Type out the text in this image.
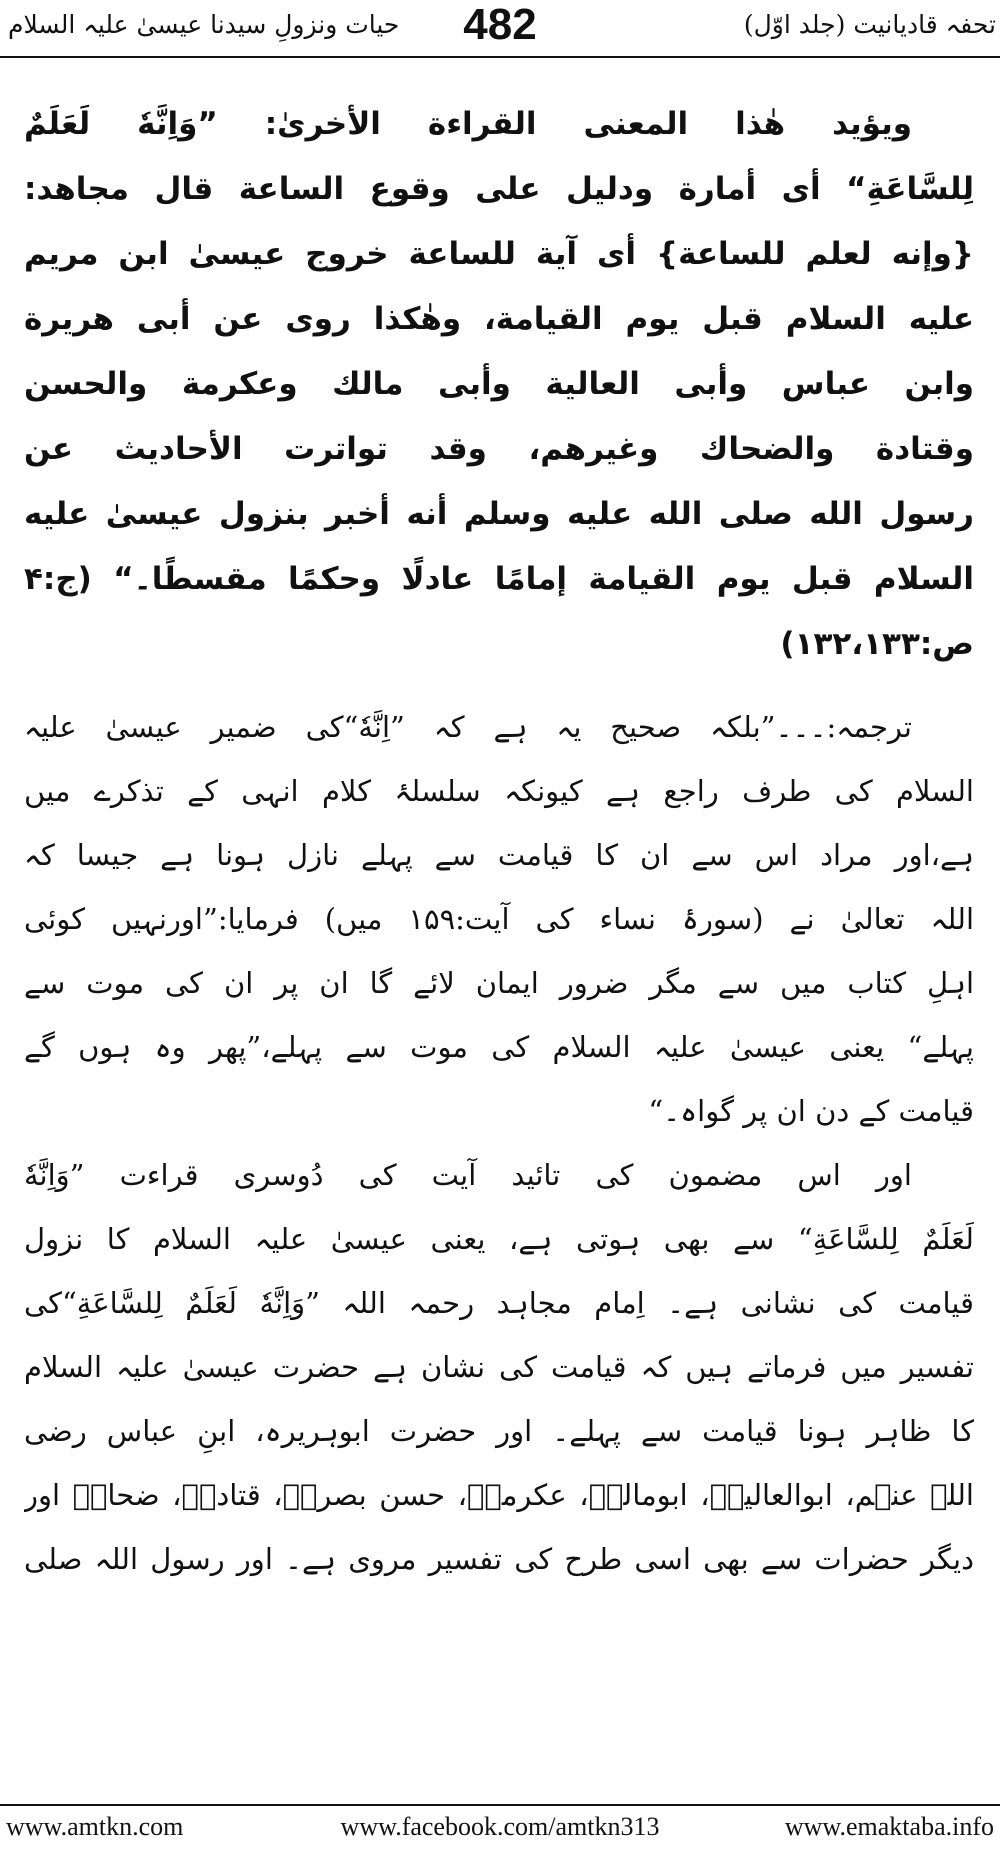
تحفہ قادیانیت (جلد اوّل)
482
حیات ونزولِ سیدنا عیسیٰ علیہ السلام

ويؤيد هٰذا المعنى القراءة الأخرىٰ: ”وَاِنَّهٗ لَعَلَمٌ

لِلسَّاعَةِ“ أى أمارة ودليل على وقوع الساعة قال مجاهد:

{وإنه لعلم للساعة} أى آية للساعة خروج عيسىٰ ابن مريم

عليه السلام قبل يوم القيامة، وهٰكذا روى عن أبى هريرة

وابن عباس وأبى العالية وأبى مالك وعكرمة والحسن

وقتادة والضحاك وغيرهم، وقد تواترت الأحاديث عن

رسول الله صلى الله عليه وسلم أنه أخبر بنزول عيسىٰ عليه

السلام قبل يوم القيامة إمامًا عادلًا وحكمًا مقسطًا۔“ (ج:۴

ص:۱۳۲،۱۳۳)

ترجمہ:۔۔۔”بلکہ صحیح یہ ہے کہ ”اِنَّهٗ“کی ضمیر عیسیٰ علیہ

السلام کی طرف راجع ہے کیونکہ سلسلۂ کلام انہی کے تذکرے میں

ہے،اور مراد اس سے ان کا قیامت سے پہلے نازل ہونا ہے جیسا کہ

اللہ تعالیٰ نے (سورۂ نساء کی آیت:۱۵۹ میں) فرمایا:”اورنہیں کوئی

اہلِ کتاب میں سے مگر ضرور ایمان لائے گا ان پر ان کی موت سے

پہلے“ یعنی عیسیٰ علیہ السلام کی موت سے پہلے،”پھر وہ ہوں گے

قیامت کے دن ان پر گواہ۔“

اور اس مضمون کی تائید آیت کی دُوسری قراءت ”وَاِنَّهٗ

لَعَلَمٌ لِلسَّاعَةِ“ سے بھی ہوتی ہے، یعنی عیسیٰ علیہ السلام کا نزول

قیامت کی نشانی ہے۔ اِمام مجاہد رحمہ اللہ ”وَاِنَّهٗ لَعَلَمٌ لِلسَّاعَةِ“کی

تفسیر میں فرماتے ہیں کہ قیامت کی نشان ہے حضرت عیسیٰ علیہ السلام

کا ظاہر ہونا قیامت سے پہلے۔ اور حضرت ابوہریرہ، ابنِ عباس رضی

اللہ عنہم، ابوالعالیہؒ، ابومالکؒ، عکرمہؒ، حسن بصریؒ، قتادہؒ، ضحاکؒ اور

دیگر حضرات سے بھی اسی طرح کی تفسیر مروی ہے۔ اور رسول اللہ صلی

www.amtkn.com	www.facebook.com/amtkn313	www.emaktaba.info
